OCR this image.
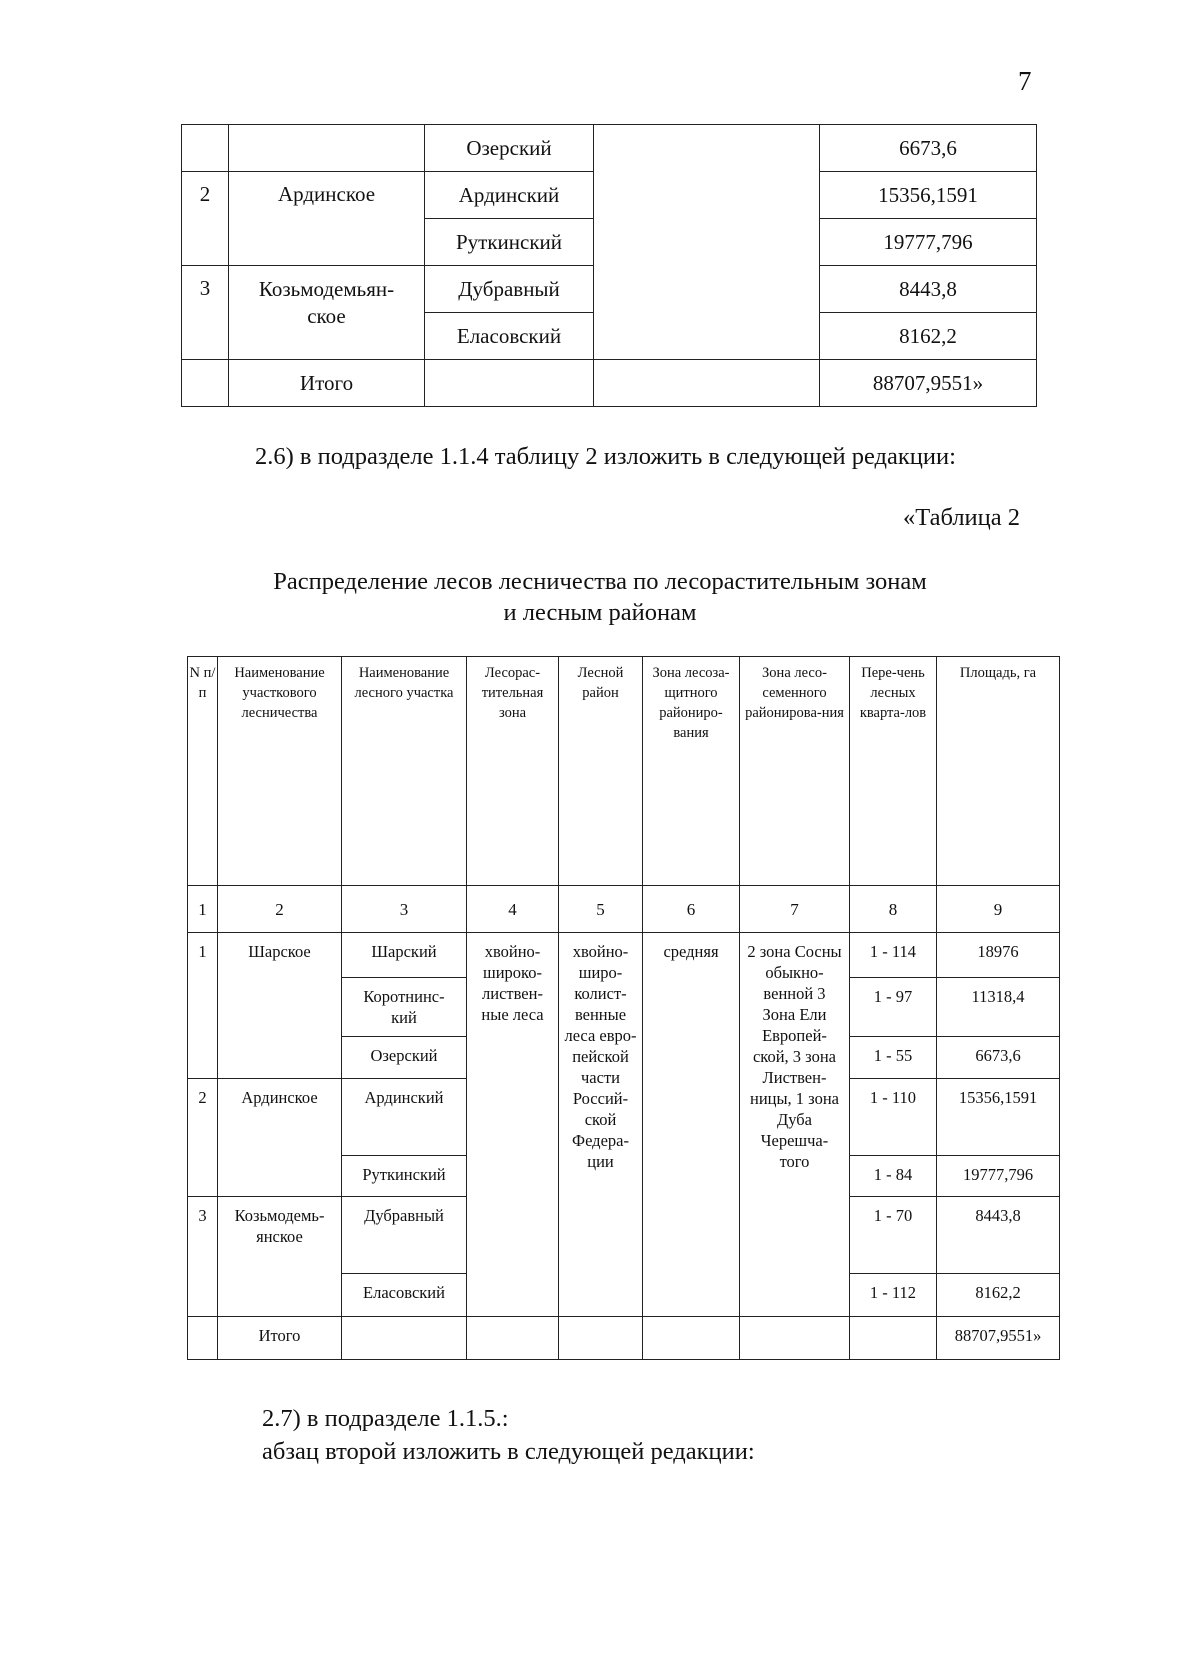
7
		Озерский		6673,6
2	Ардинское	Ардинский		15356,1591
		Руткинский		19777,796
3	Козьмодемьян-ское	Дубравный		8443,8
		Еласовский		8162,2
	Итого			88707,9551»
2.6) в подразделе 1.1.4 таблицу 2 изложить в следующей редакции:
«Таблица 2
Распределение лесов лесничества по лесорастительным зонам
и лесным районам
N п/ п	Наименование участкового лесничества	Наименование лесного участка	Лесорас-тительная зона	Лесной район	Зона лесоза-щитного райониро-вания	Зона лесо-семенного районирова-ния	Пере-чень лесных кварта-лов	Площадь, га
1	2	3	4	5	6	7	8	9
1	Шарское	Шарский	хвойно-широко-листвен-ные леса	хвойно-широ-колист-венные леса евро-пейской части Россий-ской Федера-ции	средняя	2 зона Сосны обыкно-венной 3 Зона Ели Европей-ской, 3 зона Листвен-ницы, 1 зона Дуба Черешча-того	1 - 114	18976
		Коротнинс-кий					1 - 97	11318,4
		Озерский					1 - 55	6673,6
2	Ардинское	Ардинский					1 - 110	15356,1591
		Руткинский					1 - 84	19777,796
3	Козьмодемь-янское	Дубравный					1 - 70	8443,8
		Еласовский					1 - 112	8162,2
	Итого							88707,9551»
2.7) в подразделе 1.1.5.:
абзац второй изложить в следующей редакции:
